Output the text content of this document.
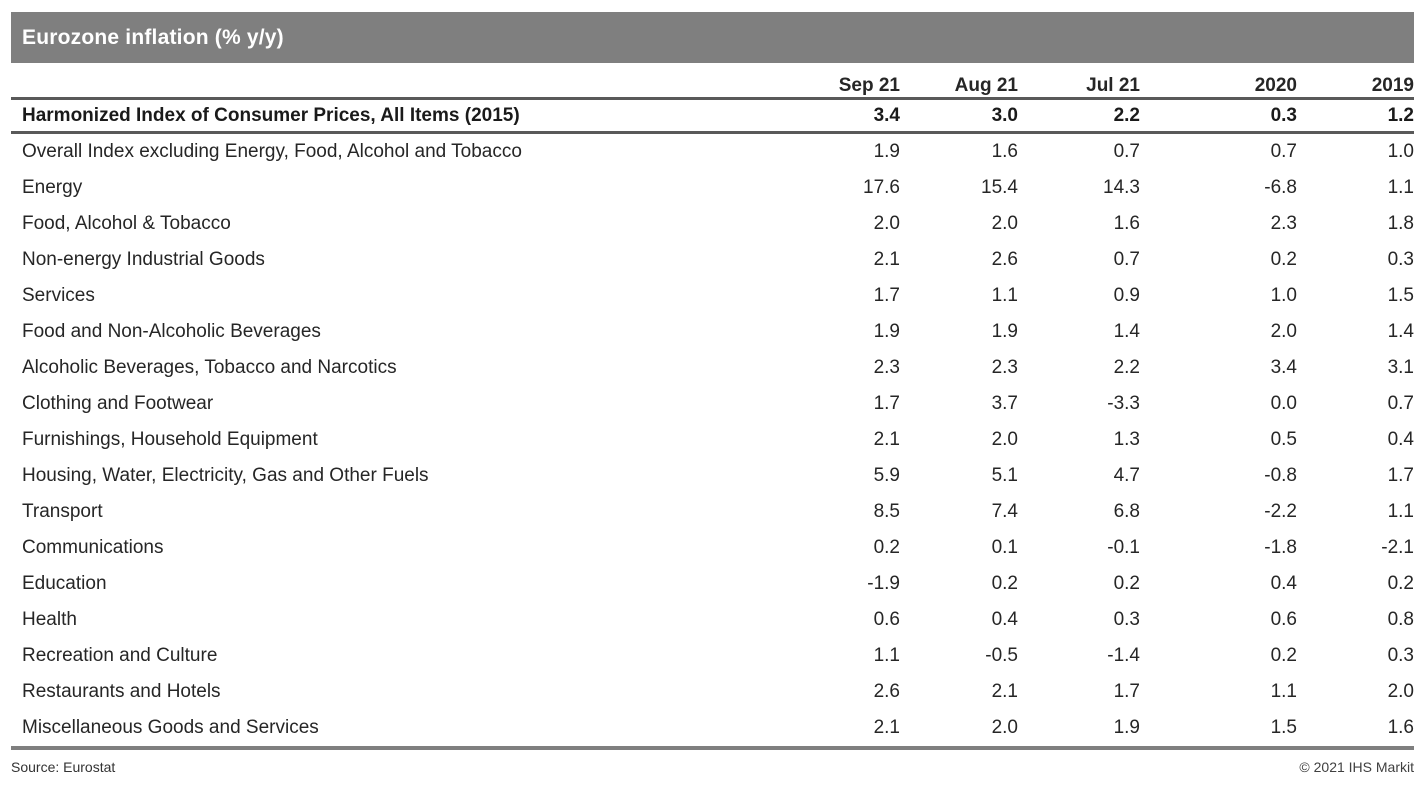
Eurozone inflation (% y/y)
	Sep 21	Aug 21	Jul 21	2020	2019
Harmonized Index of Consumer Prices, All Items (2015)	3.4	3.0	2.2	0.3	1.2
Overall Index excluding Energy, Food, Alcohol and Tobacco	1.9	1.6	0.7	0.7	1.0
Energy	17.6	15.4	14.3	-6.8	1.1
Food, Alcohol & Tobacco	2.0	2.0	1.6	2.3	1.8
Non-energy Industrial Goods	2.1	2.6	0.7	0.2	0.3
Services	1.7	1.1	0.9	1.0	1.5
Food and Non-Alcoholic Beverages	1.9	1.9	1.4	2.0	1.4
Alcoholic Beverages, Tobacco and Narcotics	2.3	2.3	2.2	3.4	3.1
Clothing and Footwear	1.7	3.7	-3.3	0.0	0.7
Furnishings, Household Equipment	2.1	2.0	1.3	0.5	0.4
Housing, Water, Electricity, Gas and Other Fuels	5.9	5.1	4.7	-0.8	1.7
Transport	8.5	7.4	6.8	-2.2	1.1
Communications	0.2	0.1	-0.1	-1.8	-2.1
Education	-1.9	0.2	0.2	0.4	0.2
Health	0.6	0.4	0.3	0.6	0.8
Recreation and Culture	1.1	-0.5	-1.4	0.2	0.3
Restaurants and Hotels	2.6	2.1	1.7	1.1	2.0
Miscellaneous Goods and Services	2.1	2.0	1.9	1.5	1.6
Source: Eurostat	© 2021 IHS Markit
